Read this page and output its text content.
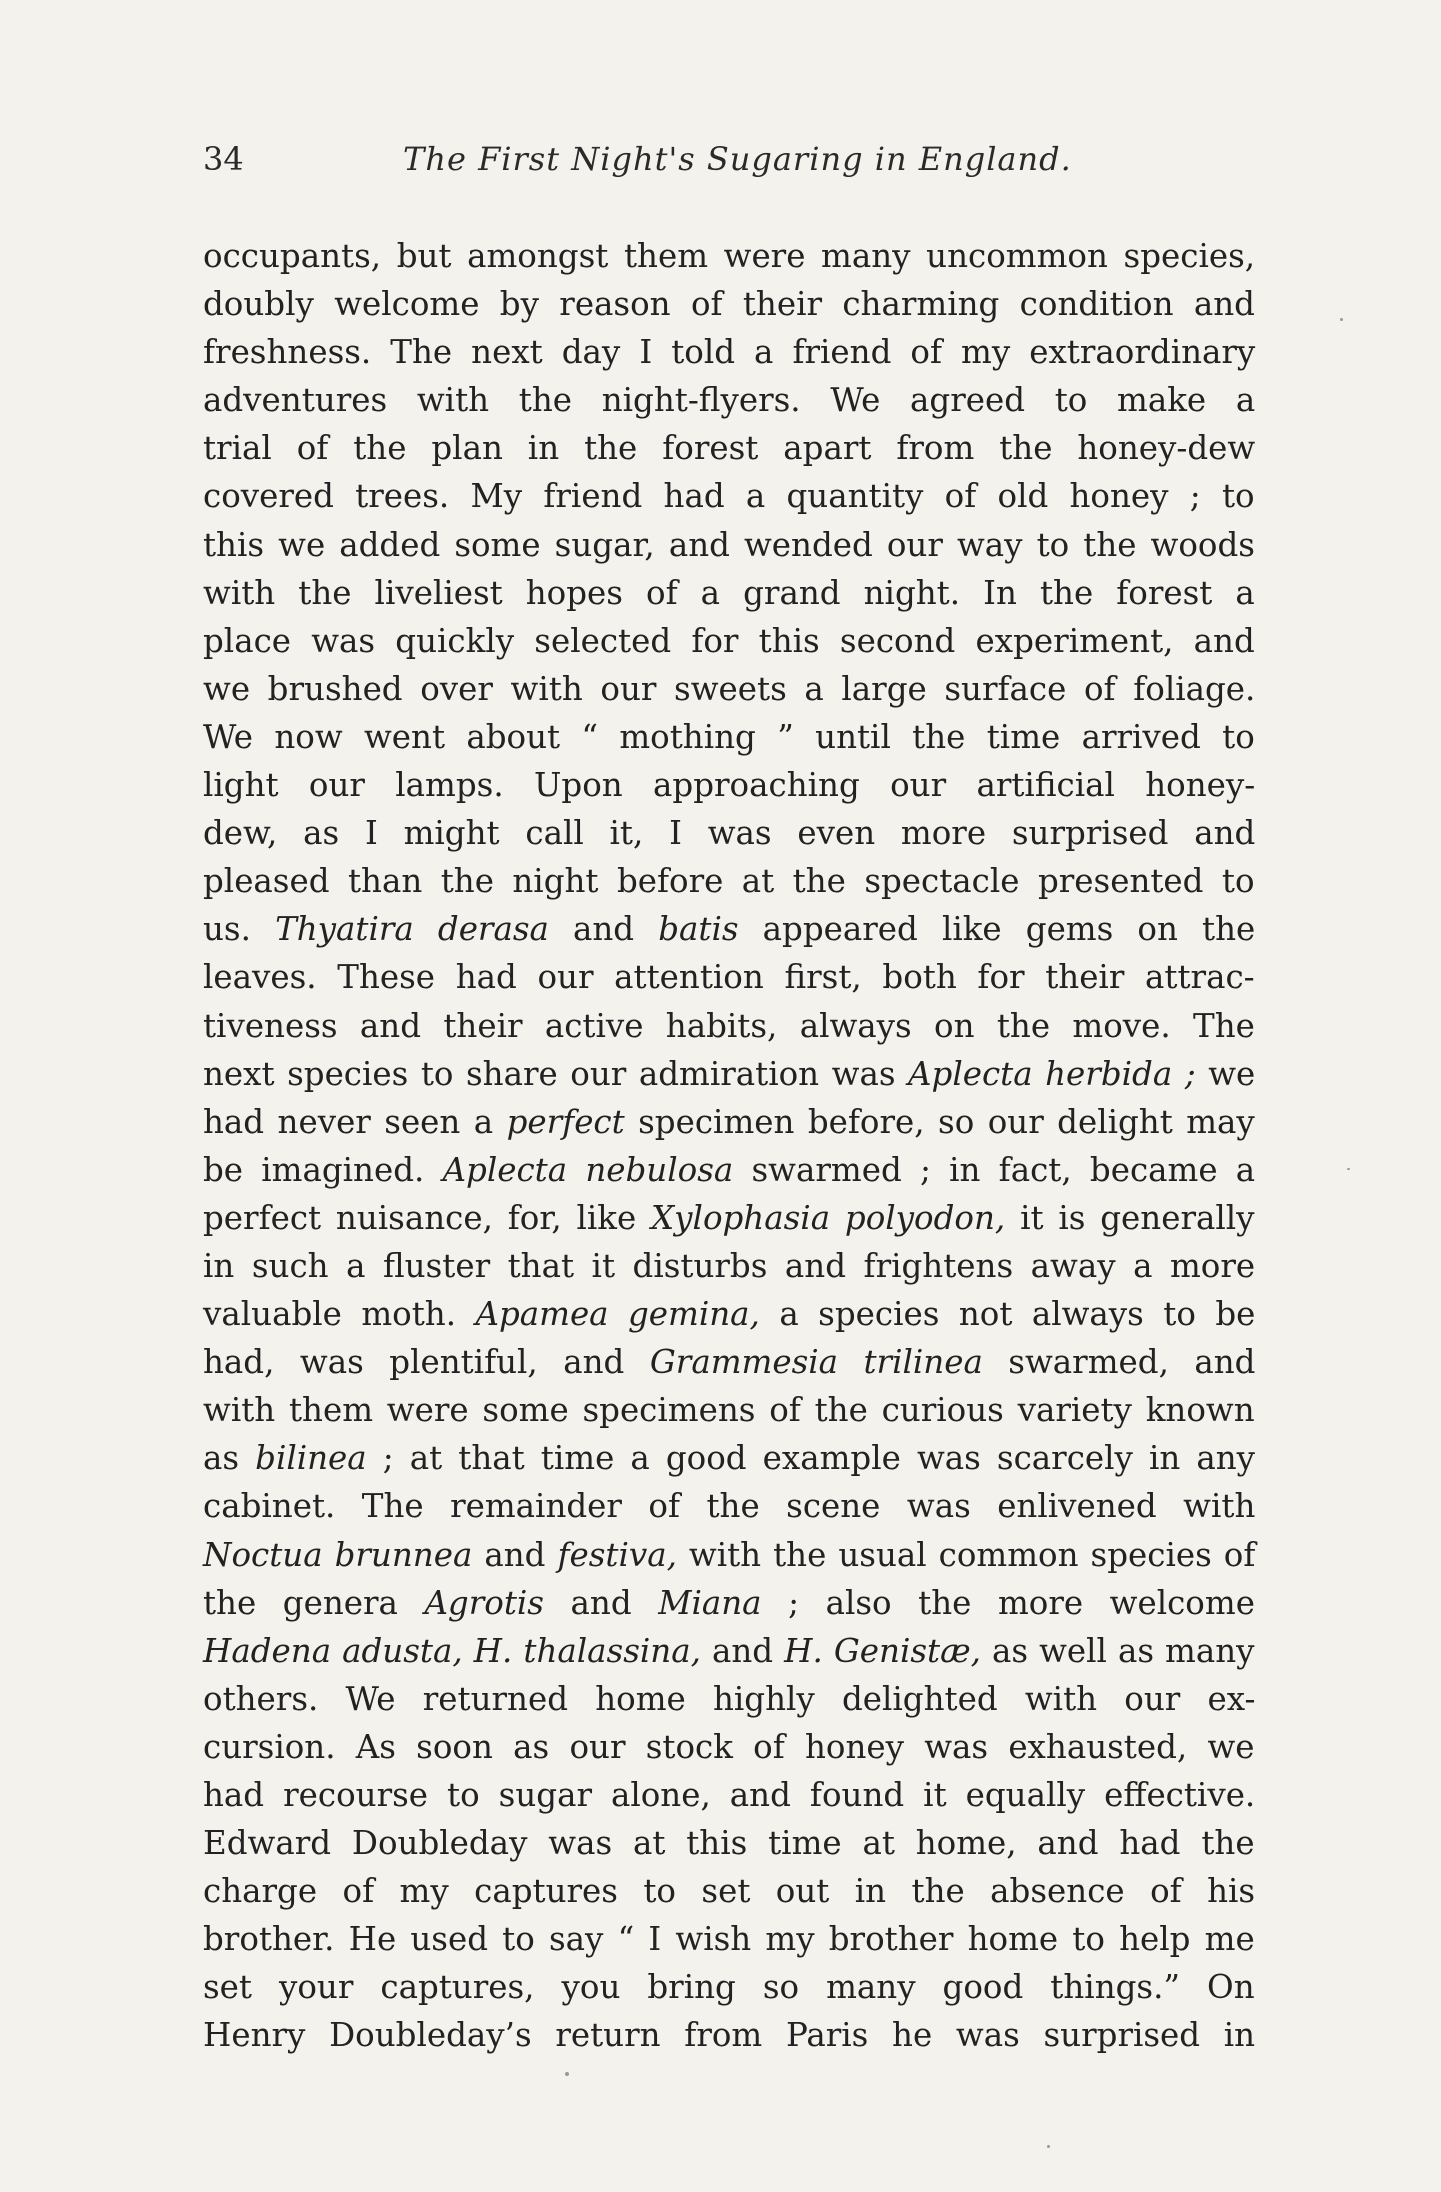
34	The First Night's Sugaring in England.
occupants, but amongst them were many uncommon species,
doubly welcome by reason of their charming condition and
freshness. The next day I told a friend of my extraordinary
adventures with the night-flyers. We agreed to make a
trial of the plan in the forest apart from the honey-dew
covered trees. My friend had a quantity of old honey ; to
this we added some sugar, and wended our way to the woods
with the liveliest hopes of a grand night. In the forest a
place was quickly selected for this second experiment, and
we brushed over with our sweets a large surface of foliage.
We now went about “ mothing ” until the time arrived to
light our lamps. Upon approaching our artificial honey-
dew, as I might call it, I was even more surprised and
pleased than the night before at the spectacle presented to
us. Thyatira derasa and batis appeared like gems on the
leaves. These had our attention first, both for their attrac-
tiveness and their active habits, always on the move. The
next species to share our admiration was Aplecta herbida ; we
had never seen a perfect specimen before, so our delight may
be imagined. Aplecta nebulosa swarmed ; in fact, became a
perfect nuisance, for, like Xylophasia polyodon, it is generally
in such a fluster that it disturbs and frightens away a more
valuable moth. Apamea gemina, a species not always to be
had, was plentiful, and Grammesia trilinea swarmed, and
with them were some specimens of the curious variety known
as bilinea ; at that time a good example was scarcely in any
cabinet. The remainder of the scene was enlivened with
Noctua brunnea and festiva, with the usual common species of
the genera Agrotis and Miana ; also the more welcome
Hadena adusta, H. thalassina, and H. Genistæ, as well as many
others. We returned home highly delighted with our ex-
cursion. As soon as our stock of honey was exhausted, we
had recourse to sugar alone, and found it equally effective.
Edward Doubleday was at this time at home, and had the
charge of my captures to set out in the absence of his
brother. He used to say “ I wish my brother home to help me
set your captures, you bring so many good things.” On
Henry Doubleday’s return from Paris he was surprised in
